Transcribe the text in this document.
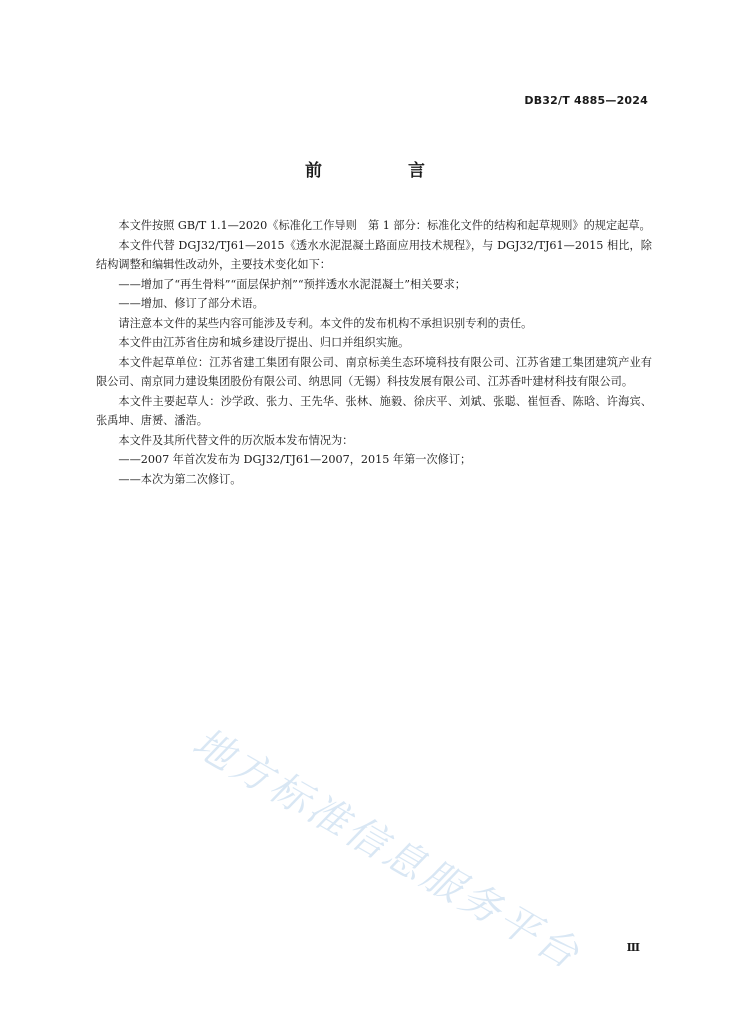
DB32/T 4885—2024
前 言

本文件按照 GB/T 1.1—2020《标准化工作导则　第 1 部分：标准化文件的结构和起草规则》的规定起草。

本文件代替 DGJ32/TJ61—2015《透水水泥混凝土路面应用技术规程》，与 DGJ32/TJ61—2015 相比，除结构调整和编辑性改动外，主要技术变化如下：

——增加了“再生骨料”“面层保护剂”“预拌透水水泥混凝土”相关要求；

——增加、修订了部分术语。

请注意本文件的某些内容可能涉及专利。本文件的发布机构不承担识别专利的责任。

本文件由江苏省住房和城乡建设厅提出、归口并组织实施。

本文件起草单位：江苏省建工集团有限公司、南京标美生态环境科技有限公司、江苏省建工集团建筑产业有限公司、南京同力建设集团股份有限公司、纳思同（无锡）科技发展有限公司、江苏香叶建材科技有限公司。

本文件主要起草人：沙学政、张力、王先华、张林、施毅、徐庆平、刘斌、张聪、崔恒香、陈晗、许海宾、张禹坤、唐赟、潘浩。

本文件及其所代替文件的历次版本发布情况为：

——2007 年首次发布为 DGJ32/TJ61—2007，2015 年第一次修订；

——本次为第二次修订。

地方标准信息服务平台	Ⅲ
